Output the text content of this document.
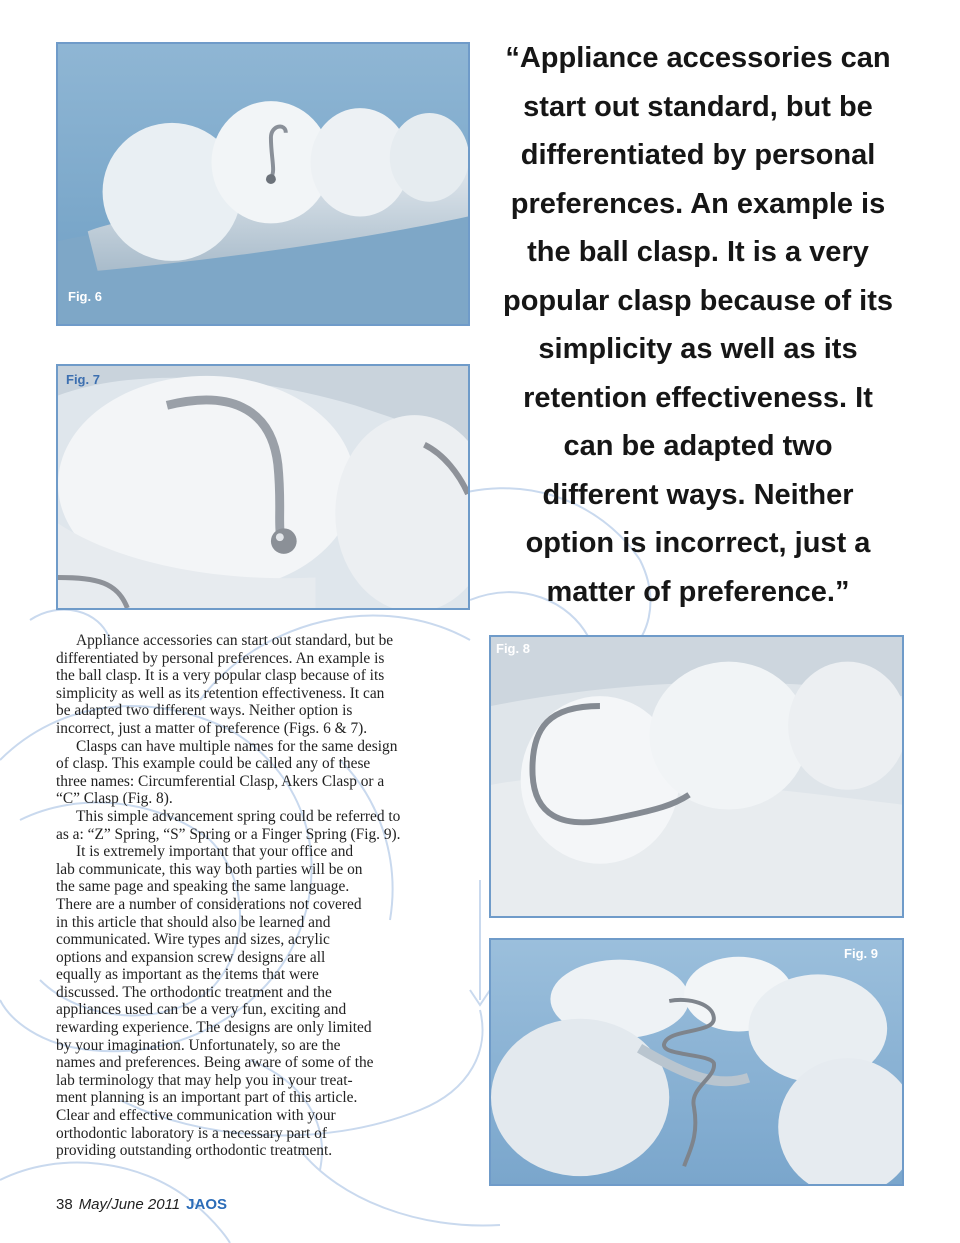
Fig. 6
Fig. 7
“Appliance accessories can
start out standard, but be
differentiated by personal
preferences. An example is
the ball clasp. It is a very
popular clasp because of its
simplicity as well as its
retention effectiveness. It
can be adapted two
different ways. Neither
option is incorrect, just a
matter of preference.”
Fig. 8
Fig. 9
Appliance accessories can start out standard, but be
differentiated by personal preferences. An example is
the ball clasp. It is a very popular clasp because of its
simplicity as well as its retention effectiveness. It can
be adapted two different ways. Neither option is
incorrect, just a matter of preference (Figs. 6 & 7).
Clasps can have multiple names for the same design
of clasp. This example could be called any of these
three names: Circumferential Clasp, Akers Clasp or a
“C” Clasp (Fig. 8).
This simple advancement spring could be referred to
as a: “Z” Spring, “S” Spring or a Finger Spring (Fig. 9).
It is extremely important that your office and
lab communicate, this way both parties will be on
the same page and speaking the same language.
There are a number of considerations not covered
in this article that should also be learned and
communicated. Wire types and sizes, acrylic
options and expansion screw designs are all
equally as important as the items that were
discussed. The orthodontic treatment and the
appliances used can be a very fun, exciting and
rewarding experience. The designs are only limited
by your imagination. Unfortunately, so are the
names and preferences. Being aware of some of the
lab terminology that may help you in your treat-
ment planning is an important part of this article.
Clear and effective communication with your
orthodontic laboratory is a necessary part of
providing outstanding orthodontic treatment.
38 May/June 2011 JAOS
